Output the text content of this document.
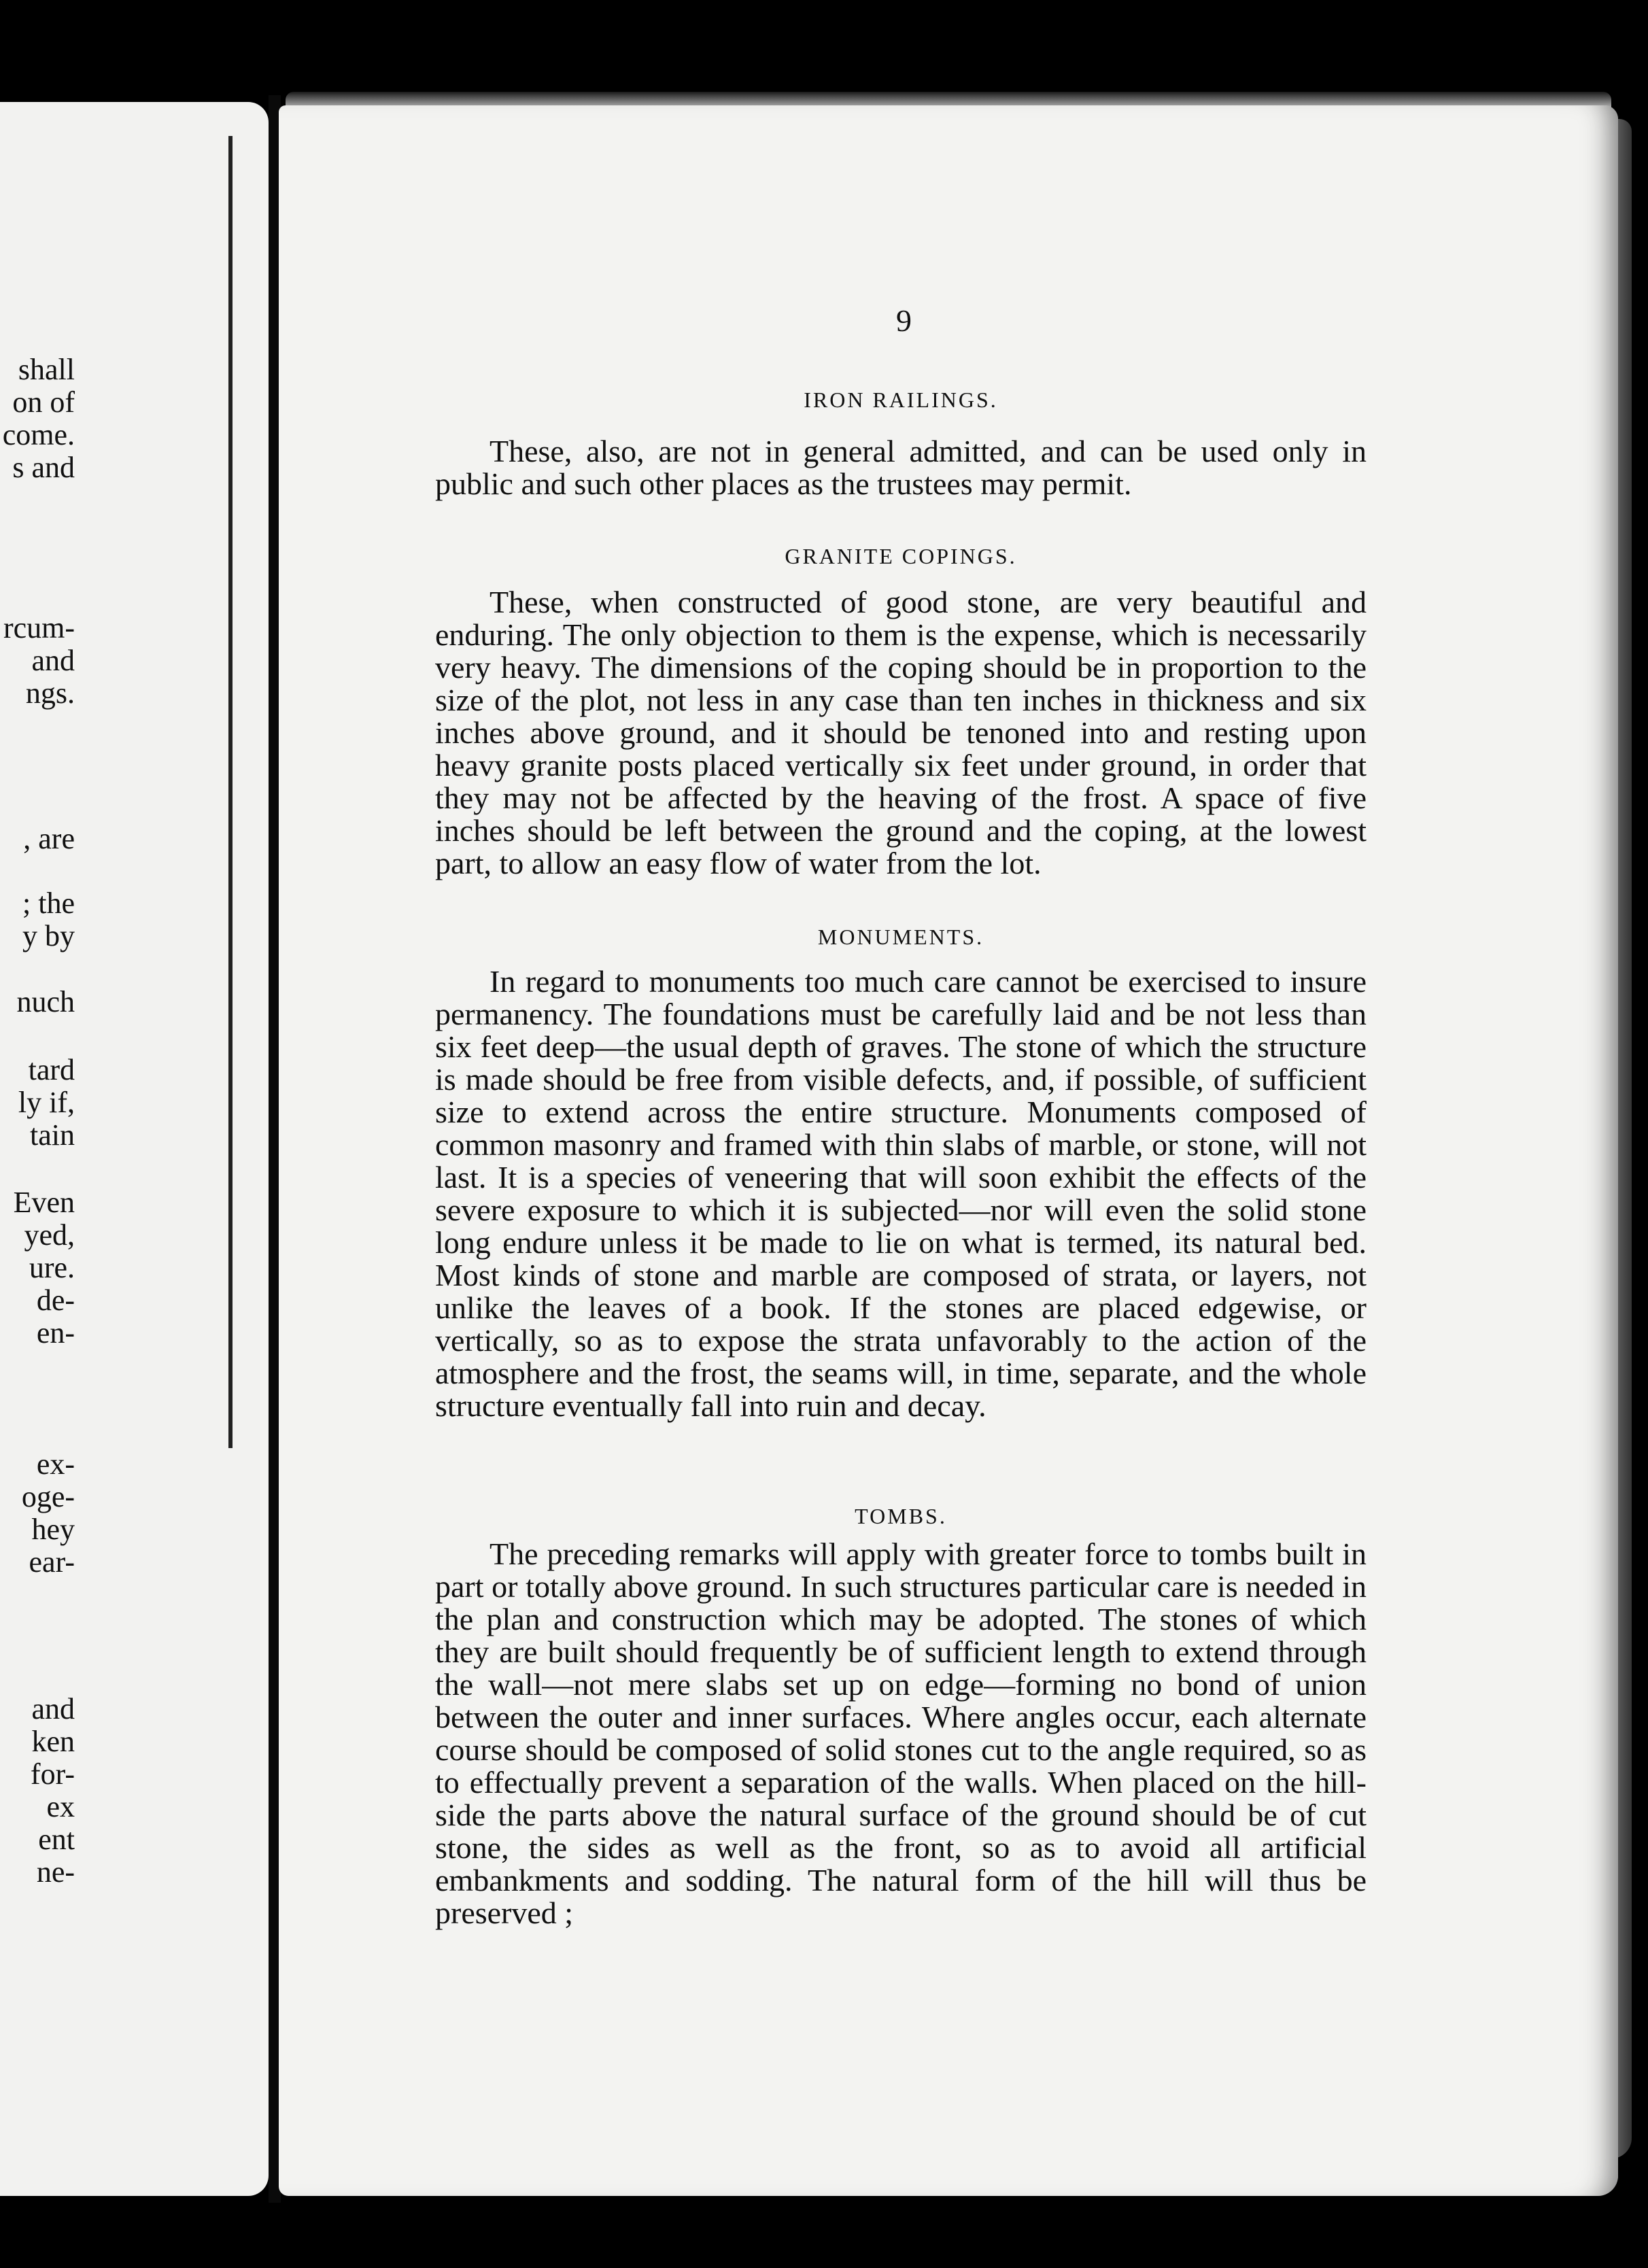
shall
on of
come.
s and
rcum-
and
ngs.
, are
; the
y by
nuch
tard
ly if,
tain
Even
yed,
ure.
de-
en-
ex-
oge-
hey
ear-
and
ken
for-
ex
ent
ne-
9
IRON RAILINGS.

These, also, are not in general admitted, and can be used only in public and such other places as the trustees may permit.

GRANITE COPINGS.

These, when constructed of good stone, are very beautiful and enduring. The only objection to them is the expense, which is necessarily very heavy. The dimensions of the coping should be in proportion to the size of the plot, not less in any case than ten inches in thickness and six inches above ground, and it should be tenoned into and resting upon heavy granite posts placed vertically six feet under ground, in order that they may not be affected by the heaving of the frost. A space of five inches should be left between the ground and the coping, at the lowest part, to allow an easy flow of water from the lot.

MONUMENTS.

In regard to monuments too much care cannot be exercised to insure permanency. The foundations must be carefully laid and be not less than six feet deep—the usual depth of graves. The stone of which the structure is made should be free from visible defects, and, if possible, of sufficient size to extend across the entire structure. Monuments composed of common masonry and framed with thin slabs of marble, or stone, will not last. It is a species of veneering that will soon exhibit the effects of the severe exposure to which it is subjected—nor will even the solid stone long endure unless it be made to lie on what is termed, its natural bed. Most kinds of stone and marble are composed of strata, or layers, not unlike the leaves of a book. If the stones are placed edgewise, or vertically, so as to expose the strata unfavorably to the action of the atmosphere and the frost, the seams will, in time, separate, and the whole structure eventually fall into ruin and decay.

TOMBS.

The preceding remarks will apply with greater force to tombs built in part or totally above ground. In such structures particular care is needed in the plan and construction which may be adopted. The stones of which they are built should frequently be of sufficient length to extend through the wall—not mere slabs set up on edge—forming no bond of union between the outer and inner surfaces. Where angles occur, each alternate course should be composed of solid stones cut to the angle required, so as to effectually prevent a separation of the walls. When placed on the hill-side the parts above the natural surface of the ground should be of cut stone, the sides as well as the front, so as to avoid all artificial embankments and sodding. The natural form of the hill will thus be preserved ;
